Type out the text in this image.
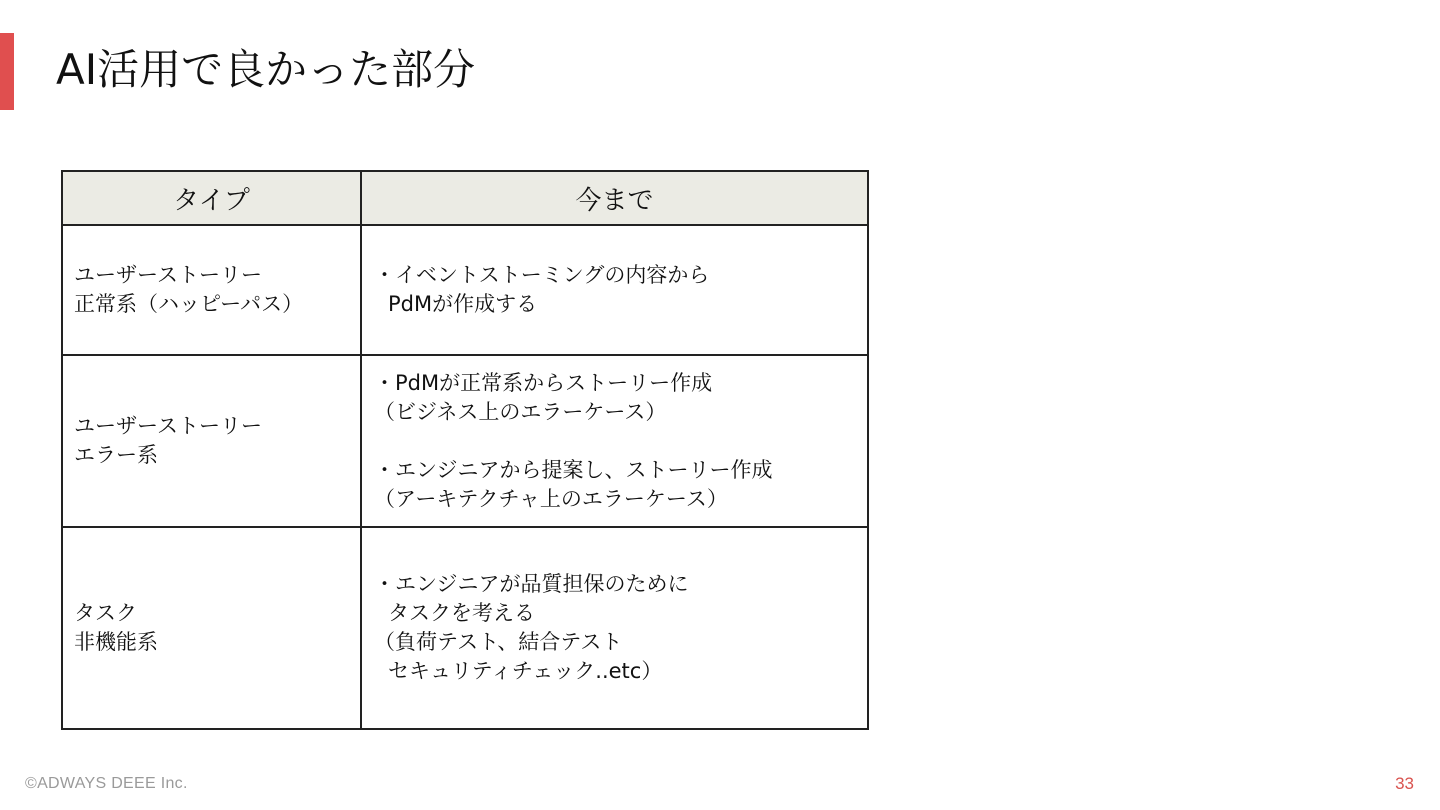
AI活用で良かった部分
タイプ	今まで

ユーザーストーリー
正常系（ハッピーパス）	・イベントストーミングの内容から
PdMが作成する

ユーザーストーリー
エラー系	・PdMが正常系からストーリー作成
（ビジネス上のエラーケース）
・エンジニアから提案し、ストーリー作成
（アーキテクチャ上のエラーケース）

タスク
非機能系	・エンジニアが品質担保のために
タスクを考える
（負荷テスト、結合テスト
セキュリティチェック..etc）
©ADWAYS DEEE Inc.	33
